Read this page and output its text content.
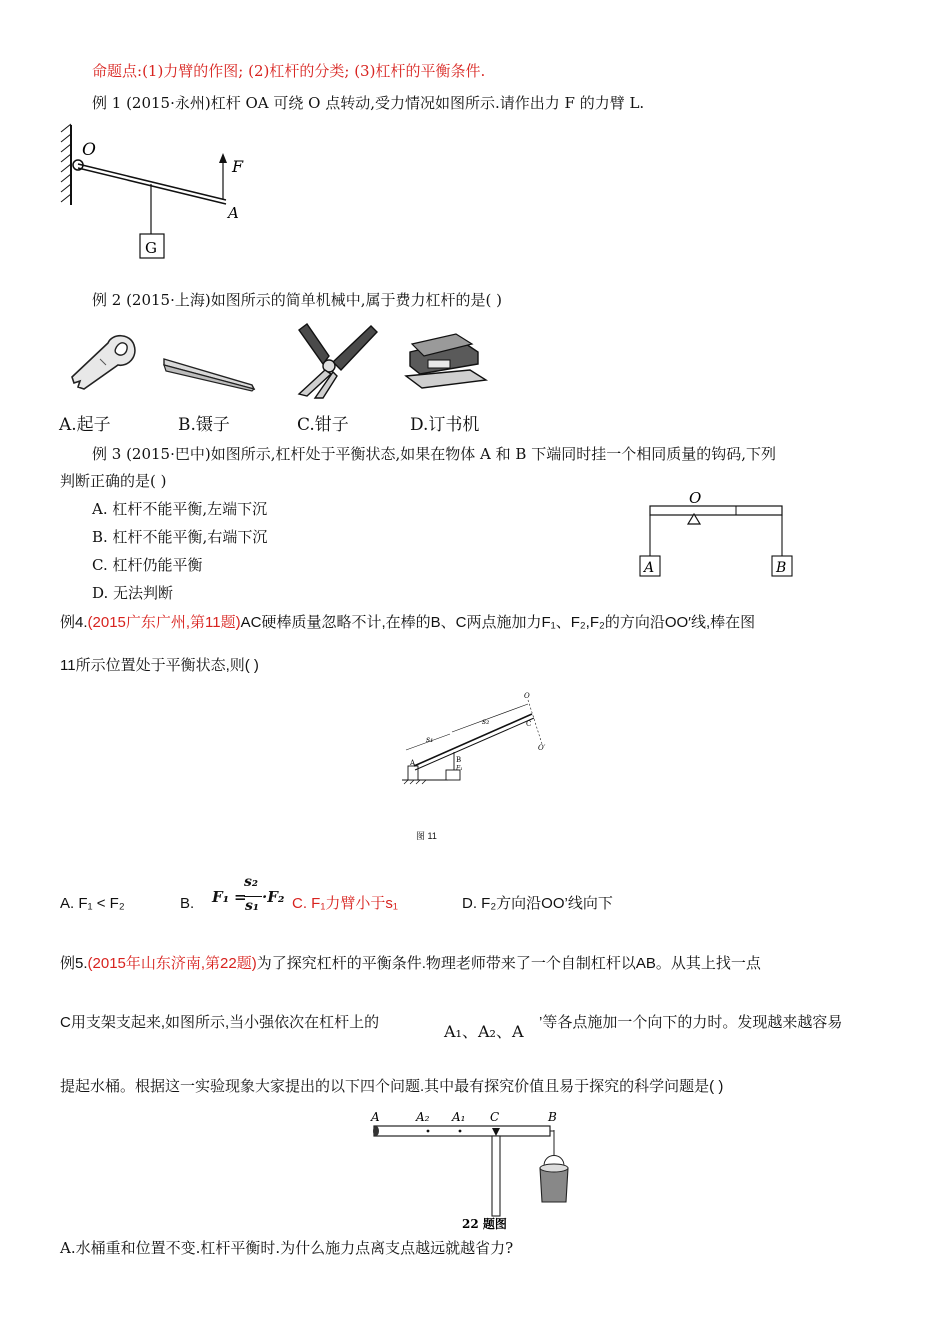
命题点:(1)力臂的作图; (2)杠杆的分类; (3)杠杆的平衡条件.
例 1 (2015·永州)杠杆 OA 可绕 O 点转动,受力情况如图所示.请作出力 F 的力臂 L.
O
F
A
G
例 2 (2015·上海)如图所示的简单机械中,属于费力杠杆的是( )
A.起子	B.镊子	C.钳子	D.订书机
例 3 (2015·巴中)如图所示,杠杆处于平衡状态,如果在物体 A 和 B 下端同时挂一个相同质量的钩码,下列
判断正确的是( )
A. 杠杆不能平衡,左端下沉
B. 杠杆不能平衡,右端下沉
C. 杠杆仍能平衡
D. 无法判断
O
A	B
例4.(2015广东广州,第11题)AC硬棒质量忽略不计,在棒的B、C两点施加力F₁、F₂,F₂的方向沿OO′线,棒在图
11所示位置处于平衡状态,则( )
s₁
s₂
A	B
C
O
O′
F₁
图 11
A. F₁ < F₂	B. F₁ =
s₂
s₁ ·F₂ C. F₁力臂小于s₁	D. F₂方向沿OO’线向下
例5.(2015年山东济南,第22题)为了探究杠杆的平衡条件.物理老师带来了一个自制杠杆以AB。从其上找一点
C用支架支起来,如图所示,当小强依次在杠杆上的	A₁、A₂、A ’等各点施加一个向下的力时。发现越来越容易
提起水桶。根据这一实验现象大家提出的以下四个问题.其中最有探究价值且易于探究的科学问题是( )
A	A₂ A₁ C	B
22 题图
A.水桶重和位置不变.杠杆平衡时.为什么施力点离支点越远就越省力?
